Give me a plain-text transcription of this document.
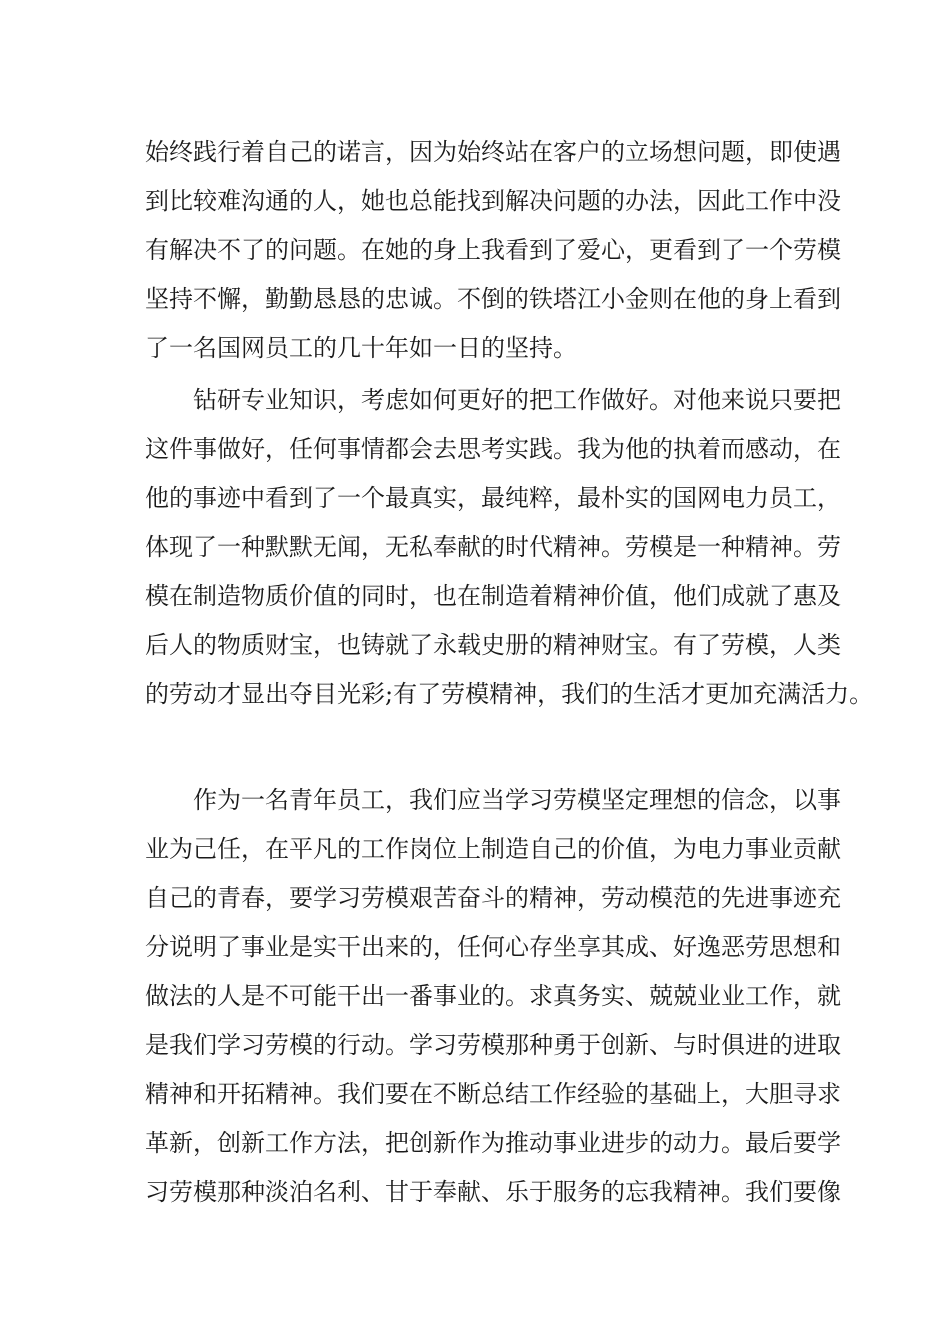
始终践行着自己的诺言，因为始终站在客户的立场想问题，即使遇
到比较难沟通的人，她也总能找到解决问题的办法，因此工作中没
有解决不了的问题。在她的身上我看到了爱心，更看到了一个劳模
坚持不懈，勤勤恳恳的忠诚。不倒的铁塔江小金则在他的身上看到
了一名国网员工的几十年如一日的坚持。
钻研专业知识，考虑如何更好的把工作做好。对他来说只要把
这件事做好，任何事情都会去思考实践。我为他的执着而感动，在
他的事迹中看到了一个最真实，最纯粹，最朴实的国网电力员工，
体现了一种默默无闻，无私奉献的时代精神。劳模是一种精神。劳
模在制造物质价值的同时，也在制造着精神价值，他们成就了惠及
后人的物质财宝，也铸就了永载史册的精神财宝。有了劳模，人类
的劳动才显出夺目光彩;有了劳模精神，我们的生活才更加充满活力。
作为一名青年员工，我们应当学习劳模坚定理想的信念，以事
业为己任，在平凡的工作岗位上制造自己的价值，为电力事业贡献
自己的青春，要学习劳模艰苦奋斗的精神，劳动模范的先进事迹充
分说明了事业是实干出来的，任何心存坐享其成、好逸恶劳思想和
做法的人是不可能干出一番事业的。求真务实、兢兢业业工作，就
是我们学习劳模的行动。学习劳模那种勇于创新、与时俱进的进取
精神和开拓精神。我们要在不断总结工作经验的基础上，大胆寻求
革新，创新工作方法，把创新作为推动事业进步的动力。最后要学
习劳模那种淡泊名利、甘于奉献、乐于服务的忘我精神。我们要像
